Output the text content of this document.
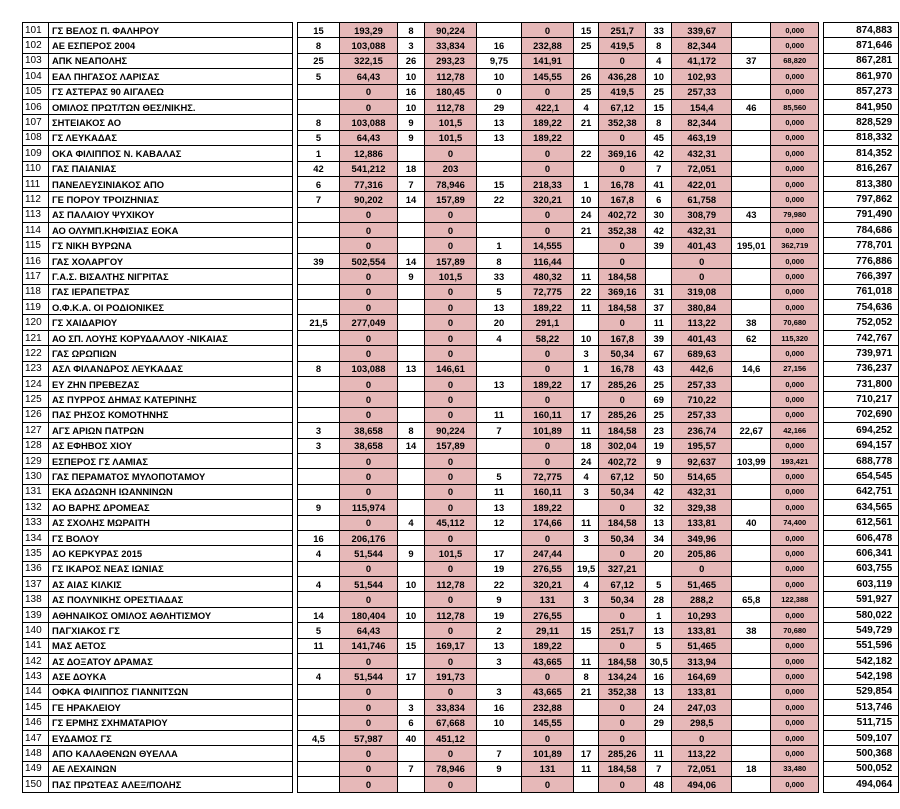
101	ΓΣ ΒΕΛΟΣ Π. ΦΑΛΗΡΟΥ		15	193,29	8	90,224		0	15	251,7	33	339,67		0,000		874,883
102	ΑΕ ΕΣΠΕΡΟΣ 2004		8	103,088	3	33,834	16	232,88	25	419,5	8	82,344		0,000		871,646
103	ΑΠΚ ΝΕΑΠΟΛΗΣ		25	322,15	26	293,23	9,75	141,91		0	4	41,172	37	68,820		867,281
104	ΕΑΛ ΠΗΓΑΣΟΣ ΛΑΡΙΣΑΣ		5	64,43	10	112,78	10	145,55	26	436,28	10	102,93		0,000		861,970
105	ΓΣ ΑΣΤΕΡΑΣ 90 ΑΙΓΑΛΕΩ			0	16	180,45	0	0	25	419,5	25	257,33		0,000		857,273
106	ΟΜΙΛΟΣ ΠΡΩΤ/ΤΩΝ ΘΕΣ/ΝΙΚΗΣ.			0	10	112,78	29	422,1	4	67,12	15	154,4	46	85,560		841,950
107	ΣΗΤΕΙΑΚΟΣ ΑΟ		8	103,088	9	101,5	13	189,22	21	352,38	8	82,344		0,000		828,529
108	ΓΣ ΛΕΥΚΑΔΑΣ		5	64,43	9	101,5	13	189,22		0	45	463,19		0,000		818,332
109	ΟΚΑ ΦΙΛΙΠΠΟΣ Ν. ΚΑΒΑΛΑΣ		1	12,886		0		0	22	369,16	42	432,31		0,000		814,352
110	ΓΑΣ ΠΑΙΑΝΙΑΣ		42	541,212	18	203		0		0	7	72,051		0,000		816,267
111	ΠΑΝΕΛΕΥΣΙΝΙΑΚΟΣ ΑΠΟ		6	77,316	7	78,946	15	218,33	1	16,78	41	422,01		0,000		813,380
112	ΓΕ ΠΟΡΟΥ ΤΡΟΙΖΗΝΙΑΣ		7	90,202	14	157,89	22	320,21	10	167,8	6	61,758		0,000		797,862
113	ΑΣ ΠΑΛΑΙΟΥ ΨΥΧΙΚΟΥ			0		0		0	24	402,72	30	308,79	43	79,980		791,490
114	ΑΟ ΟΛΥΜΠ.ΚΗΦΙΣΙΑΣ ΕΟΚΑ			0		0		0	21	352,38	42	432,31		0,000		784,686
115	ΓΣ ΝΙΚΗ ΒΥΡΩΝΑ			0		0	1	14,555		0	39	401,43	195,01	362,719		778,701
116	ΓΑΣ ΧΟΛΑΡΓΟΥ		39	502,554	14	157,89	8	116,44		0		0		0,000		776,886
117	Γ.Α.Σ. ΒΙΣΑΛΤΗΣ ΝΙΓΡΙΤΑΣ			0	9	101,5	33	480,32	11	184,58		0		0,000		766,397
118	ΓΑΣ ΙΕΡΑΠΕΤΡΑΣ			0		0	5	72,775	22	369,16	31	319,08		0,000		761,018
119	Ο.Φ.Κ.Α. ΟΙ ΡΟΔΙΟΝΙΚΕΣ			0		0	13	189,22	11	184,58	37	380,84		0,000		754,636
120	ΓΣ ΧΑΙΔΑΡΙΟΥ		21,5	277,049		0	20	291,1		0	11	113,22	38	70,680		752,052
121	ΑΟ ΣΠ. ΛΟΥΗΣ ΚΟΡΥΔΑΛΛΟΥ -ΝΙΚΑΙΑΣ			0		0	4	58,22	10	167,8	39	401,43	62	115,320		742,767
122	ΓΑΣ ΩΡΩΠΙΩΝ			0		0		0	3	50,34	67	689,63		0,000		739,971
123	ΑΣΛ ΦΙΛΑΝΔΡΟΣ ΛΕΥΚΑΔΑΣ		8	103,088	13	146,61		0	1	16,78	43	442,6	14,6	27,156		736,237
124	ΕΥ ΖΗΝ ΠΡΕΒΕΖΑΣ			0		0	13	189,22	17	285,26	25	257,33		0,000		731,800
125	ΑΣ ΠΥΡΡΟΣ ΔΗΜΑΣ ΚΑΤΕΡΙΝΗΣ			0		0		0		0	69	710,22		0,000		710,217
126	ΠΑΣ ΡΗΣΟΣ ΚΟΜΟΤΗΝΗΣ			0		0	11	160,11	17	285,26	25	257,33		0,000		702,690
127	ΑΓΣ ΑΡΙΩΝ ΠΑΤΡΩΝ		3	38,658	8	90,224	7	101,89	11	184,58	23	236,74	22,67	42,166		694,252
128	ΑΣ ΕΦΗΒΟΣ ΧΙΟΥ		3	38,658	14	157,89		0	18	302,04	19	195,57		0,000		694,157
129	ΕΣΠΕΡΟΣ ΓΣ ΛΑΜΙΑΣ			0		0		0	24	402,72	9	92,637	103,99	193,421		688,778
130	ΓΑΣ ΠΕΡΑΜΑΤΟΣ ΜΥΛΟΠΟΤΑΜΟΥ			0		0	5	72,775	4	67,12	50	514,65		0,000		654,545
131	ΕΚΑ ΔΩΔΩΝΗ ΙΩΑΝΝΙΝΩΝ			0		0	11	160,11	3	50,34	42	432,31		0,000		642,751
132	ΑΟ ΒΑΡΗΣ ΔΡΟΜΕΑΣ		9	115,974		0	13	189,22		0	32	329,38		0,000		634,565
133	ΑΣ ΣΧΟΛΗΣ ΜΩΡΑΙΤΗ			0	4	45,112	12	174,66	11	184,58	13	133,81	40	74,400		612,561
134	ΓΣ ΒΟΛΟΥ		16	206,176		0		0	3	50,34	34	349,96		0,000		606,478
135	ΑΟ ΚΕΡΚΥΡΑΣ 2015		4	51,544	9	101,5	17	247,44		0	20	205,86		0,000		606,341
136	ΓΣ ΙΚΑΡΟΣ ΝΕΑΣ ΙΩΝΙΑΣ			0		0	19	276,55	19,5	327,21		0		0,000		603,755
137	ΑΣ ΑΙΑΣ ΚΙΛΚΙΣ		4	51,544	10	112,78	22	320,21	4	67,12	5	51,465		0,000		603,119
138	ΑΣ ΠΟΛΥΝΙΚΗΣ ΟΡΕΣΤΙΑΔΑΣ			0		0	9	131	3	50,34	28	288,2	65,8	122,388		591,927
139	ΑΘΗΝΑΙΚΟΣ ΟΜΙΛΟΣ ΑΘΛΗΤΙΣΜΟΥ		14	180,404	10	112,78	19	276,55		0	1	10,293		0,000		580,022
140	ΠΑΓΧΙΑΚΟΣ ΓΣ		5	64,43		0	2	29,11	15	251,7	13	133,81	38	70,680		549,729
141	ΜΑΣ ΑΕΤΟΣ		11	141,746	15	169,17	13	189,22		0	5	51,465		0,000		551,596
142	ΑΣ ΔΟΞΑΤΟΥ ΔΡΑΜΑΣ			0		0	3	43,665	11	184,58	30,5	313,94		0,000		542,182
143	ΑΣΕ ΔΟΥΚΑ		4	51,544	17	191,73		0	8	134,24	16	164,69		0,000		542,198
144	ΟΦΚΑ ΦΙΛΙΠΠΟΣ ΓΙΑΝΝΙΤΣΩΝ			0		0	3	43,665	21	352,38	13	133,81		0,000		529,854
145	ΓΕ ΗΡΑΚΛΕΙΟΥ			0	3	33,834	16	232,88		0	24	247,03		0,000		513,746
146	ΓΣ ΕΡΜΗΣ ΣΧΗΜΑΤΑΡΙΟΥ			0	6	67,668	10	145,55		0	29	298,5		0,000		511,715
147	ΕΥΔΑΜΟΣ ΓΣ		4,5	57,987	40	451,12		0		0		0		0,000		509,107
148	ΑΠΟ ΚΑΛΑΘΕΝΩΝ ΘΥΕΛΛΑ			0		0	7	101,89	17	285,26	11	113,22		0,000		500,368
149	ΑΕ ΛΕΧΑΙΝΩΝ			0	7	78,946	9	131	11	184,58	7	72,051	18	33,480		500,052
150	ΠΑΣ ΠΡΩΤΕΑΣ ΑΛΕΞ/ΠΟΛΗΣ			0		0		0		0	48	494,06		0,000		494,064
